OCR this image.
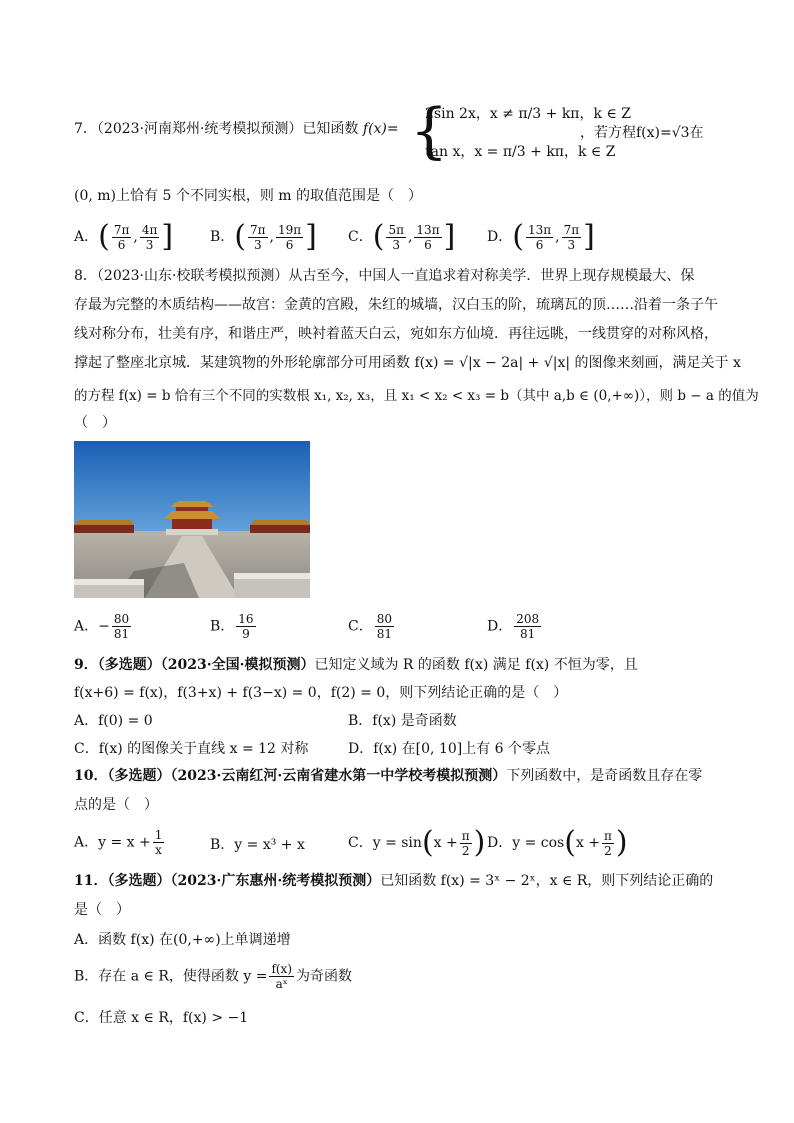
7．（2023·河南郑州·统考模拟预测）已知函数 f(x)= {
2sin 2x，x ≠ π/3 + kπ，k ∈ Z
tan x，x = π/3 + kπ，k ∈ Z
，若方程f(x)=√3在
(0, m)上恰有 5 个不同实根，则 m 的取值范围是（　）
A．( $\frac{7\pi}{6}$ , $\frac{4\pi}{3}$ ]	B．( $\frac{7\pi}{3}$ , $\frac{19\pi}{6}$ ] C．( $\frac{5\pi}{3}$ , $\frac{13\pi}{6}$ ] D．( $\frac{13\pi}{6}$ , $\frac{7\pi}{3}$ ]
8．（2023·山东·校联考模拟预测）从古至今，中国人一直追求着对称美学．世界上现存规模最大、保
存最为完整的木质结构——故宫：金黄的宫殿，朱红的城墙，汉白玉的阶，琉璃瓦的顶……沿着一条子午
线对称分布，壮美有序，和谐庄严，映衬着蓝天白云，宛如东方仙境．再往远眺，一线贯穿的对称风格，
撑起了整座北京城．某建筑物的外形轮廓部分可用函数 f(x) = √|x − 2a| + √|x| 的图像来刻画，满足关于 x
的方程 f(x) = b 恰有三个不同的实数根 x₁, x₂, x₃，且 x₁ < x₂ < x₃ = b（其中 a,b ∈ (0,+∞)），则 b − a 的值为
（　）
A．− $\frac{80}{81}$	B． $\frac{16}{9}$	C． $\frac{80}{81}$	D． $\frac{208}{81}$
9．（多选题）（2023·全国·模拟预测）已知定义域为 R 的函数 f(x) 满足 f(x) 不恒为零，且
f(x+6) = f(x)，f(3+x) + f(3−x) = 0，f(2) = 0，则下列结论正确的是（　）
A．f(0) = 0	B．f(x) 是奇函数
C．f(x) 的图像关于直线 x = 12 对称	D．f(x) 在[0, 10]上有 6 个零点
10．（多选题）（2023·云南红河·云南省建水第一中学校考模拟预测）下列函数中，是奇函数且存在零
点的是（　）
A．$y = x + \frac{1}{x}$	B．y = x³ + x	C．$y = \sin(x + \frac{\pi}{2}$ ) D．$y = \cos(x + \frac{\pi}{2}$ )
11．（多选题）（2023·广东惠州·统考模拟预测）已知函数 f(x) = 3ˣ − 2ˣ，x ∈ R，则下列结论正确的
是（　）
A．函数 f(x) 在(0,+∞)上单调递增
B．存在 a ∈ R，使得函数 $y = \frac{f(x)}{\text{aˣ}}$ 为奇函数
C．任意 x ∈ R，f(x) > −1
